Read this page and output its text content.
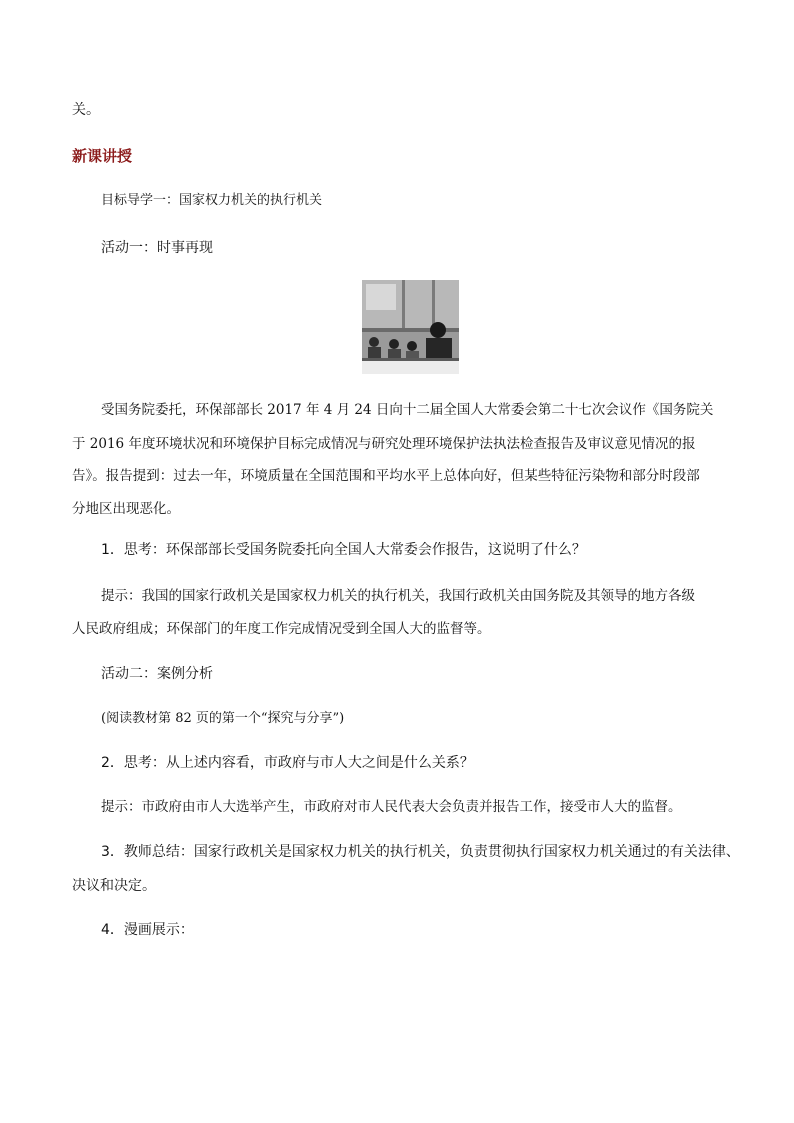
关。
新课讲授
目标导学一：国家权力机关的执行机关
活动一：时事再现
受国务院委托，环保部部长 2017 年 4 月 24 日向十二届全国人大常委会第二十七次会议作《国务院关
于 2016 年度环境状况和环境保护目标完成情况与研究处理环境保护法执法检查报告及审议意见情况的报
告》。报告提到：过去一年，环境质量在全国范围和平均水平上总体向好，但某些特征污染物和部分时段部
分地区出现恶化。
1．思考：环保部部长受国务院委托向全国人大常委会作报告，这说明了什么？
提示：我国的国家行政机关是国家权力机关的执行机关，我国行政机关由国务院及其领导的地方各级
人民政府组成；环保部门的年度工作完成情况受到全国人大的监督等。
活动二：案例分析
(阅读教材第 82 页的第一个“探究与分享”)
2．思考：从上述内容看，市政府与市人大之间是什么关系？
提示：市政府由市人大选举产生，市政府对市人民代表大会负责并报告工作，接受市人大的监督。
3．教师总结：国家行政机关是国家权力机关的执行机关，负责贯彻执行国家权力机关通过的有关法律、
决议和决定。
4．漫画展示：
